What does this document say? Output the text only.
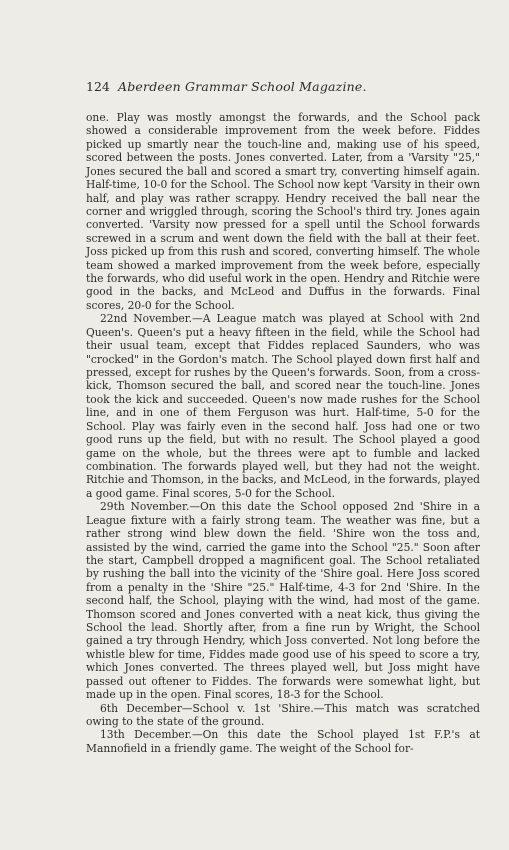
124 Aberdeen Grammar School Magazine.

one. Play was mostly amongst the forwards, and the School pack showed a considerable improvement from the week before. Fiddes picked up smartly near the touch-line and, making use of his speed, scored between the posts. Jones converted. Later, from a 'Varsity "25," Jones secured the ball and scored a smart try, converting himself again. Half-time, 10-0 for the School. The School now kept 'Varsity in their own half, and play was rather scrappy. Hendry received the ball near the corner and wriggled through, scoring the School's third try. Jones again converted. 'Varsity now pressed for a spell until the School forwards screwed in a scrum and went down the field with the ball at their feet. Joss picked up from this rush and scored, converting himself. The whole team showed a marked improvement from the week before, especially the forwards, who did useful work in the open. Hendry and Ritchie were good in the backs, and McLeod and Duffus in the forwards. Final scores, 20-0 for the School.

22nd November.—A League match was played at School with 2nd Queen's. Queen's put a heavy fifteen in the field, while the School had their usual team, except that Fiddes replaced Saunders, who was "crocked" in the Gordon's match. The School played down first half and pressed, except for rushes by the Queen's forwards. Soon, from a cross-kick, Thomson secured the ball, and scored near the touch-line. Jones took the kick and succeeded. Queen's now made rushes for the School line, and in one of them Ferguson was hurt. Half-time, 5-0 for the School. Play was fairly even in the second half. Joss had one or two good runs up the field, but with no result. The School played a good game on the whole, but the threes were apt to fumble and lacked combination. The forwards played well, but they had not the weight. Ritchie and Thomson, in the backs, and McLeod, in the forwards, played a good game. Final scores, 5-0 for the School.

29th November.—On this date the School opposed 2nd 'Shire in a League fixture with a fairly strong team. The weather was fine, but a rather strong wind blew down the field. 'Shire won the toss and, assisted by the wind, carried the game into the School "25." Soon after the start, Campbell dropped a magnificent goal. The School retaliated by rushing the ball into the vicinity of the 'Shire goal. Here Joss scored from a penalty in the 'Shire "25." Half-time, 4-3 for 2nd 'Shire. In the second half, the School, playing with the wind, had most of the game. Thomson scored and Jones converted with a neat kick, thus giving the School the lead. Shortly after, from a fine run by Wright, the School gained a try through Hendry, which Joss converted. Not long before the whistle blew for time, Fiddes made good use of his speed to score a try, which Jones converted. The threes played well, but Joss might have passed out oftener to Fiddes. The forwards were somewhat light, but made up in the open. Final scores, 18-3 for the School.

6th December—School v. 1st 'Shire.—This match was scratched owing to the state of the ground.

13th December.—On this date the School played 1st F.P.'s at Mannofield in a friendly game. The weight of the School for-
